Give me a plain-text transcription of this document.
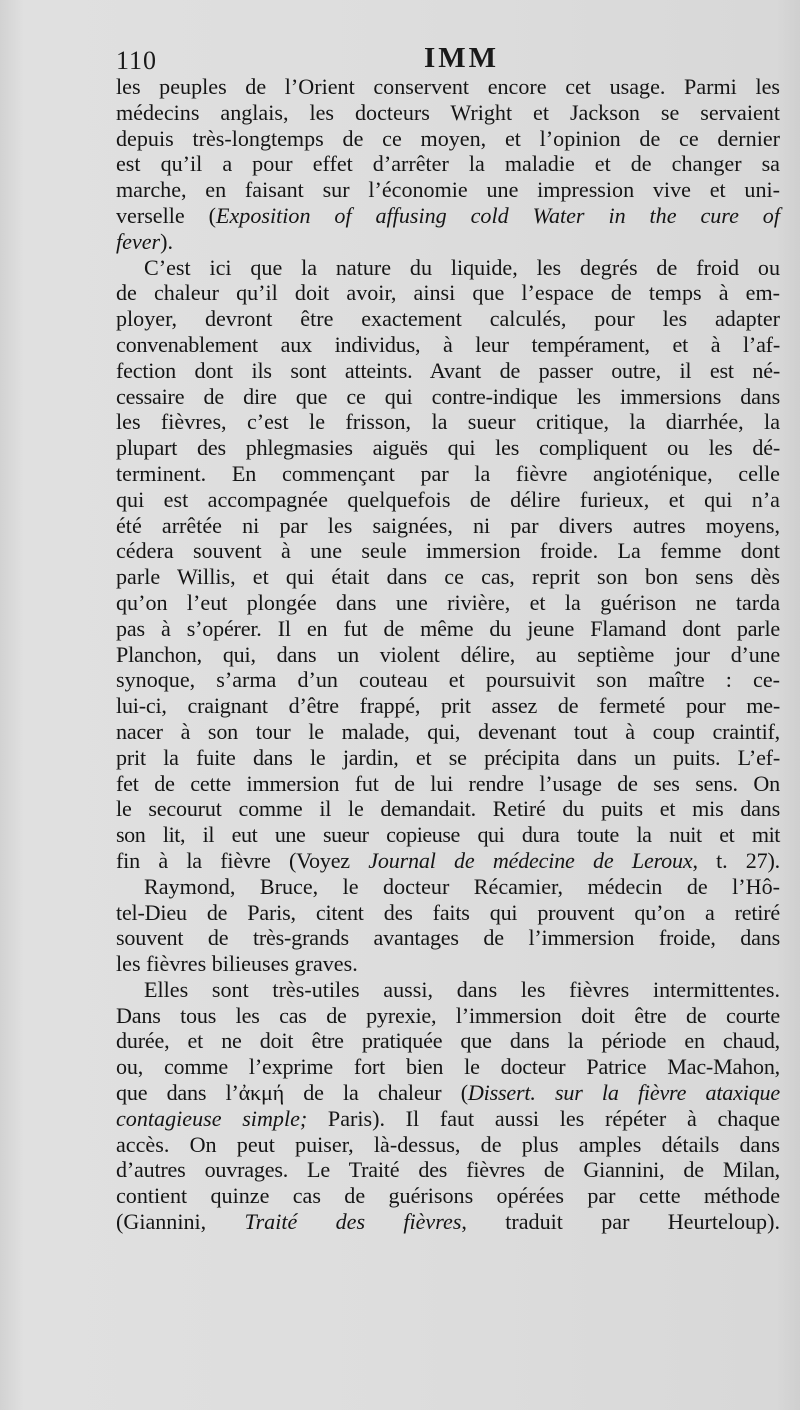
110	IMM
les peuples de l’Orient conservent encore cet usage. Parmi les
médecins anglais, les docteurs Wright et Jackson se servaient
depuis très-longtemps de ce moyen, et l’opinion de ce dernier
est qu’il a pour effet d’arrêter la maladie et de changer sa
marche, en faisant sur l’économie une impression vive et uni-
verselle (Exposition of affusing cold Water in the cure of
fever).
C’est ici que la nature du liquide, les degrés de froid ou
de chaleur qu’il doit avoir, ainsi que l’espace de temps à em-
ployer, devront être exactement calculés, pour les adapter
convenablement aux individus, à leur tempérament, et à l’af-
fection dont ils sont atteints. Avant de passer outre, il est né-
cessaire de dire que ce qui contre-indique les immersions dans
les fièvres, c’est le frisson, la sueur critique, la diarrhée, la
plupart des phlegmasies aiguës qui les compliquent ou les dé-
terminent. En commençant par la fièvre angioténique, celle
qui est accompagnée quelquefois de délire furieux, et qui n’a
été arrêtée ni par les saignées, ni par divers autres moyens,
cédera souvent à une seule immersion froide. La femme dont
parle Willis, et qui était dans ce cas, reprit son bon sens dès
qu’on l’eut plongée dans une rivière, et la guérison ne tarda
pas à s’opérer. Il en fut de même du jeune Flamand dont parle
Planchon, qui, dans un violent délire, au septième jour d’une
synoque, s’arma d’un couteau et poursuivit son maître : ce-
lui-ci, craignant d’être frappé, prit assez de fermeté pour me-
nacer à son tour le malade, qui, devenant tout à coup craintif,
prit la fuite dans le jardin, et se précipita dans un puits. L’ef-
fet de cette immersion fut de lui rendre l’usage de ses sens. On
le secourut comme il le demandait. Retiré du puits et mis dans
son lit, il eut une sueur copieuse qui dura toute la nuit et mit
fin à la fièvre (Voyez Journal de médecine de Leroux, t. 27).
Raymond, Bruce, le docteur Récamier, médecin de l’Hô-
tel-Dieu de Paris, citent des faits qui prouvent qu’on a retiré
souvent de très-grands avantages de l’immersion froide, dans
les fièvres bilieuses graves.
Elles sont très-utiles aussi, dans les fièvres intermittentes.
Dans tous les cas de pyrexie, l’immersion doit être de courte
durée, et ne doit être pratiquée que dans la période en chaud,
ou, comme l’exprime fort bien le docteur Patrice Mac-Mahon,
que dans l’ἀκμή de la chaleur (Dissert. sur la fièvre ataxique
contagieuse simple; Paris). Il faut aussi les répéter à chaque
accès. On peut puiser, là-dessus, de plus amples détails dans
d’autres ouvrages. Le Traité des fièvres de Giannini, de Milan,
contient quinze cas de guérisons opérées par cette méthode
(Giannini, Traité des fièvres, traduit par Heurteloup).
